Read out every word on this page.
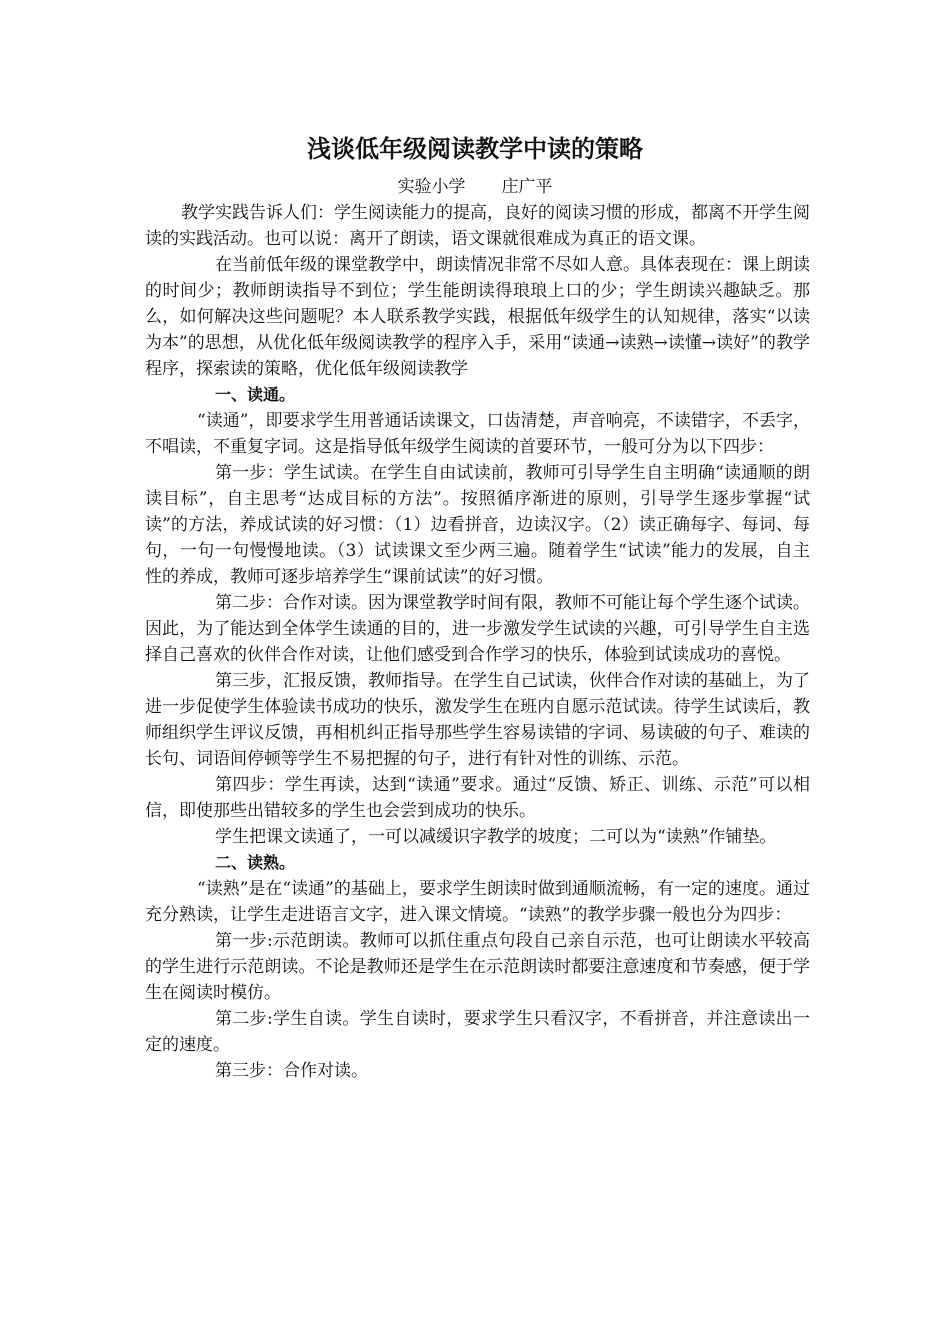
浅谈低年级阅读教学中读的策略
实验小学 庄广平

教学实践告诉人们：学生阅读能力的提高，良好的阅读习惯的形成，都离不开学生阅读的实践活动。也可以说：离开了朗读，语文课就很难成为真正的语文课。

在当前低年级的课堂教学中，朗读情况非常不尽如人意。具体表现在：课上朗读的时间少；教师朗读指导不到位；学生能朗读得琅琅上口的少；学生朗读兴趣缺乏。那么，如何解决这些问题呢？本人联系教学实践，根据低年级学生的认知规律，落实“以读为本”的思想，从优化低年级阅读教学的程序入手，采用“读通→读熟→读懂→读好”的教学程序，探索读的策略，优化低年级阅读教学

一、读通。

“读通”，即要求学生用普通话读课文，口齿清楚，声音响亮，不读错字，不丢字，不唱读，不重复字词。这是指导低年级学生阅读的首要环节，一般可分为以下四步：

第一步：学生试读。在学生自由试读前，教师可引导学生自主明确“读通顺的朗读目标”，自主思考“达成目标的方法”。按照循序渐进的原则，引导学生逐步掌握“试读”的方法，养成试读的好习惯：（1）边看拼音，边读汉字。（2）读正确每字、每词、每句，一句一句慢慢地读。（3）试读课文至少两三遍。随着学生“试读”能力的发展，自主性的养成，教师可逐步培养学生“课前试读”的好习惯。

第二步：合作对读。因为课堂教学时间有限，教师不可能让每个学生逐个试读。因此，为了能达到全体学生读通的目的，进一步激发学生试读的兴趣，可引导学生自主选择自己喜欢的伙伴合作对读，让他们感受到合作学习的快乐，体验到试读成功的喜悦。

第三步，汇报反馈，教师指导。在学生自己试读，伙伴合作对读的基础上，为了进一步促使学生体验读书成功的快乐，激发学生在班内自愿示范试读。待学生试读后，教师组织学生评议反馈，再相机纠正指导那些学生容易读错的字词、易读破的句子、难读的长句、词语间停顿等学生不易把握的句子，进行有针对性的训练、示范。

第四步：学生再读，达到“读通”要求。通过“反馈、矫正、训练、示范”可以相信，即使那些出错较多的学生也会尝到成功的快乐。

学生把课文读通了，一可以减缓识字教学的坡度；二可以为“读熟”作铺垫。

二、读熟。

“读熟”是在“读通”的基础上，要求学生朗读时做到通顺流畅，有一定的速度。通过充分熟读，让学生走进语言文字，进入课文情境。“读熟”的教学步骤一般也分为四步：

第一步:示范朗读。教师可以抓住重点句段自己亲自示范，也可让朗读水平较高的学生进行示范朗读。不论是教师还是学生在示范朗读时都要注意速度和节奏感，便于学生在阅读时模仿。

第二步:学生自读。学生自读时，要求学生只看汉字，不看拼音，并注意读出一定的速度。

第三步：合作对读。
